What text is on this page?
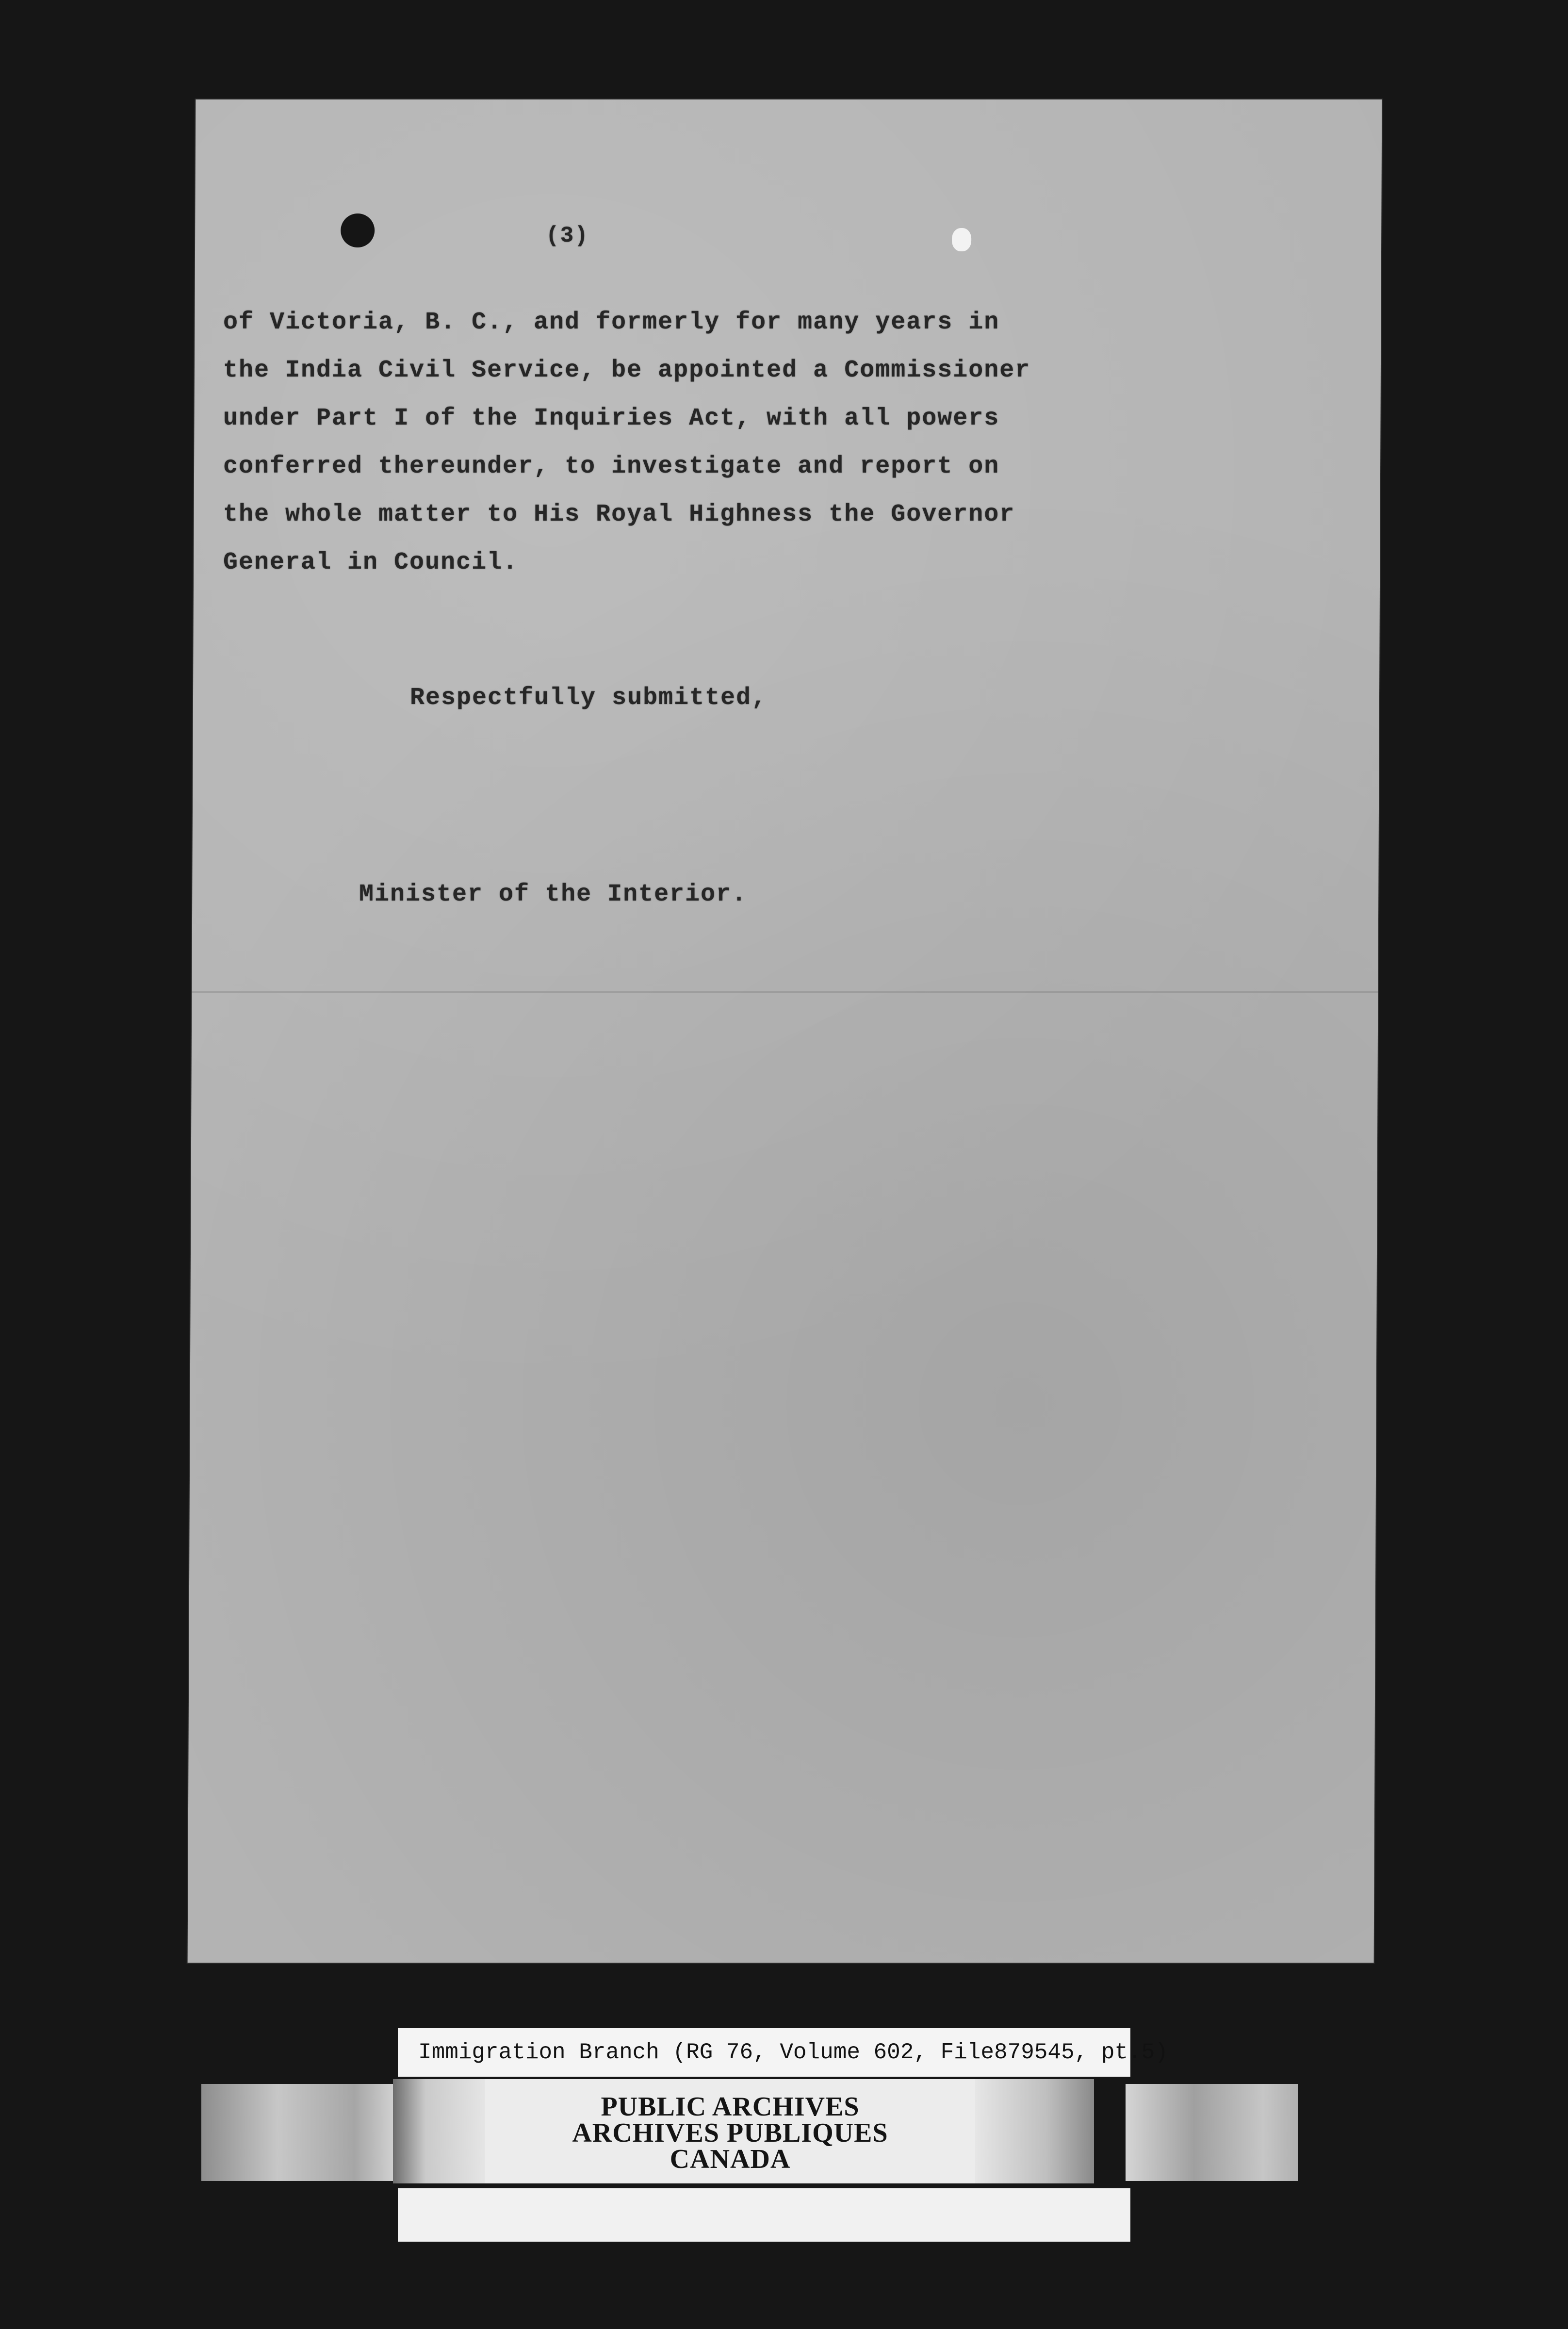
(3)
of Victoria, B. C., and formerly for many years in
the India Civil Service, be appointed a Commissioner
under Part I of the Inquiries Act, with all powers
conferred thereunder, to investigate and report on
the whole matter to His Royal Highness the Governor
General in Council.
Respectfully submitted,
Minister of the Interior.
Immigration Branch (RG 76, Volume 602, File879545, pt.5)
PUBLIC ARCHIVES
ARCHIVES PUBLIQUES
CANADA
